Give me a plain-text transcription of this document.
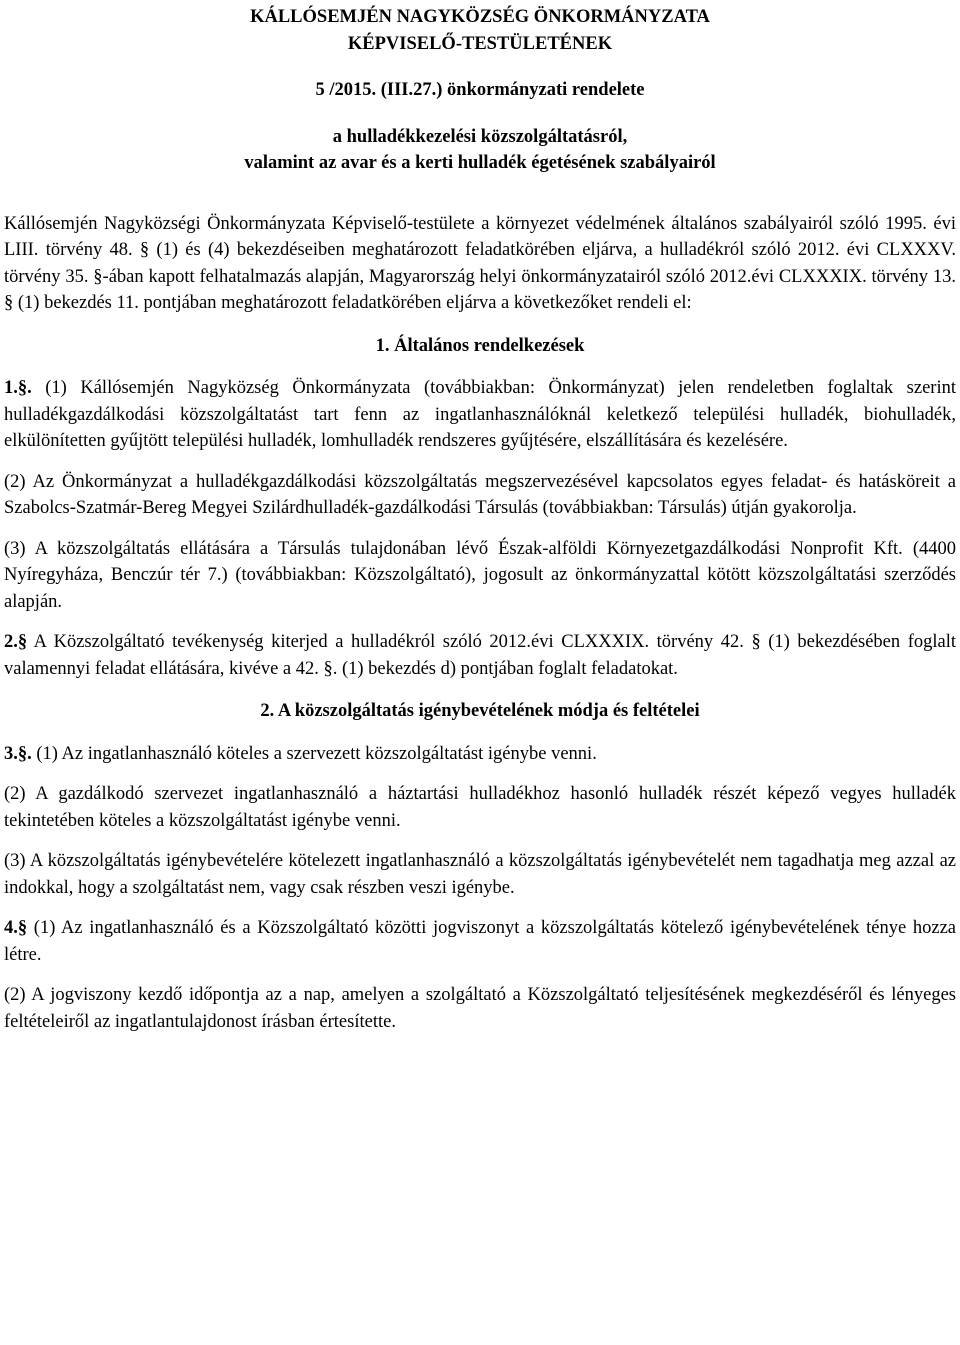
KÁLLÓSEMJÉN NAGYKÖZSÉG ÖNKORMÁNYZATA
KÉPVISELŐ-TESTÜLETÉNEK
5 /2015. (III.27.) önkormányzati rendelete
a hulladékkezelési közszolgáltatásról,
valamint az avar és a kerti hulladék égetésének szabályairól

Kállósemjén Nagyközségi Önkormányzata Képviselő-testülete a környezet védelmének általános szabályairól szóló 1995. évi LIII. törvény 48. § (1) és (4) bekezdéseiben meghatározott feladatkörében eljárva, a hulladékról szóló 2012. évi CLXXXV. törvény 35. §-ában kapott felhatalmazás alapján, Magyarország helyi önkormányzatairól szóló 2012.évi CLXXXIX. törvény 13. § (1) bekezdés 11. pontjában meghatározott feladatkörében eljárva a következőket rendeli el:

1. Általános rendelkezések

1.§. (1) Kállósemjén Nagyközség Önkormányzata (továbbiakban: Önkormányzat) jelen rendeletben foglaltak szerint hulladékgazdálkodási közszolgáltatást tart fenn az ingatlanhasználóknál keletkező települési hulladék, biohulladék, elkülönítetten gyűjtött települési hulladék, lomhulladék rendszeres gyűjtésére, elszállítására és kezelésére.

(2) Az Önkormányzat a hulladékgazdálkodási közszolgáltatás megszervezésével kapcsolatos egyes feladat- és hatásköreit a Szabolcs-Szatmár-Bereg Megyei Szilárdhulladék-gazdálkodási Társulás (továbbiakban: Társulás) útján gyakorolja.

(3) A közszolgáltatás ellátására a Társulás tulajdonában lévő Észak-alföldi Környezetgazdálkodási Nonprofit Kft. (4400 Nyíregyháza, Benczúr tér 7.) (továbbiakban: Közszolgáltató), jogosult az önkormányzattal kötött közszolgáltatási szerződés alapján.

2.§ A Közszolgáltató tevékenység kiterjed a hulladékról szóló 2012.évi CLXXXIX. törvény 42. § (1) bekezdésében foglalt valamennyi feladat ellátására, kivéve a 42. §. (1) bekezdés d) pontjában foglalt feladatokat.

2. A közszolgáltatás igénybevételének módja és feltételei

3.§. (1) Az ingatlanhasználó köteles a szervezett közszolgáltatást igénybe venni.

(2) A gazdálkodó szervezet ingatlanhasználó a háztartási hulladékhoz hasonló hulladék részét képező vegyes hulladék tekintetében köteles a közszolgáltatást igénybe venni.

(3) A közszolgáltatás igénybevételére kötelezett ingatlanhasználó a közszolgáltatás igénybevételét nem tagadhatja meg azzal az indokkal, hogy a szolgáltatást nem, vagy csak részben veszi igénybe.

4.§ (1) Az ingatlanhasználó és a Közszolgáltató közötti jogviszonyt a közszolgáltatás kötelező igénybevételének ténye hozza létre.

(2) A jogviszony kezdő időpontja az a nap, amelyen a szolgáltató a Közszolgáltató teljesítésének megkezdéséről és lényeges feltételeiről az ingatlantulajdonost írásban értesítette.
